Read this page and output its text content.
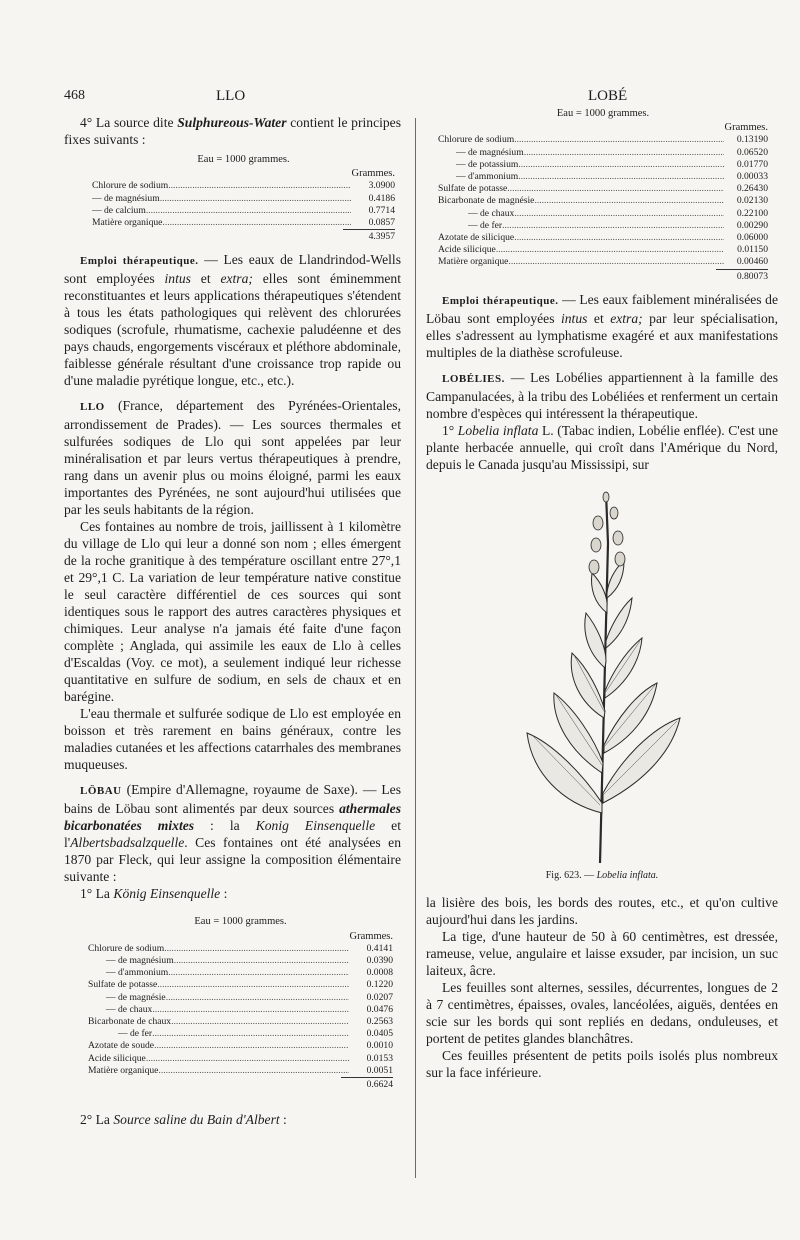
468	LLO	LOBÉ

4° La source dite Sulphureous-Water contient le principes fixes suivants :

Eau = 1000 grammes.
Grammes.
Chlorure de sodium .....	3.0900
— de magnésium .....	0.4186
— de calcium .....	0.7714
Matière organique .....	0.0857
4.3957

Emploi thérapeutique. — Les eaux de Llandrindod-Wells sont employées intus et extra; elles sont éminemment reconstituantes et leurs applications thérapeutiques s'étendent à tous les états pathologiques qui relèvent des chlorurées sodiques (scrofule, rhumatisme, cachexie paludéenne et des pays chauds, engorgements viscéraux et pléthore abdominale, faiblesse générale résultant d'une croissance trop rapide ou d'une maladie pyrétique longue, etc., etc.).

LLO (France, département des Pyrénées-Orientales, arrondissement de Prades). — Les sources thermales et sulfurées sodiques de Llo qui sont appelées par leur minéralisation et par leurs vertus thérapeutiques à prendre, rang dans un avenir plus ou moins éloigné, parmi les eaux importantes des Pyrénées, ne sont aujourd'hui utilisées que par les seuls habitants de la région.

Ces fontaines au nombre de trois, jaillissent à 1 kilomètre du village de Llo qui leur a donné son nom ; elles émergent de la roche granitique à des température oscillant entre 27°,1 et 29°,1 C. La variation de leur température native constitue le seul caractère différentiel de ces sources qui sont identiques sous le rapport des autres caractères physiques et chimiques. Leur analyse n'a jamais été faite d'une façon complète ; Anglada, qui assimile les eaux de Llo à celles d'Escaldas (Voy. ce mot), a seulement indiqué leur richesse quantitative en sulfure de sodium, en sels de chaux et en barégine.

L'eau thermale et sulfurée sodique de Llo est employée en boisson et très rarement en bains généraux, contre les maladies cutanées et les affections catarrhales des membranes muqueuses.

LÖBAU (Empire d'Allemagne, royaume de Saxe). — Les bains de Löbau sont alimentés par deux sources athermales bicarbonatées mixtes : la Konig Einsenquelle et l'Albertsbadsalzquelle. Ces fontaines ont été analysées en 1870 par Fleck, qui leur assigne la composition élémentaire suivante :

1° La König Einsenquelle :

Eau = 1000 grammes.
Grammes.
Chlorure de sodium .....	0.4141
— de magnésium .....	0.0390
— d'ammonium .....	0.0008
Sulfate de potasse .....	0.1220
— de magnésie .....	0.0207
— de chaux .....	0.0476
Bicarbonate de chaux .....	0.2563
— de fer .....	0.0405
Azotate de soude .....	0.0010
Acide silicique .....	0.0153
Matière organique .....	0.0051
0.6624

2° La Source saline du Bain d'Albert :

Eau = 1000 grammes.
Grammes.
Chlorure de sodium .....	0.13190
— de magnésium .....	0.06520
— de potassium .....	0.01770
— d'ammonium .....	0.00033
Sulfate de potasse .....	0.26430
Bicarbonate de magnésie .....	0.02130
— de chaux .....	0.22100
— de fer .....	0.00290
Azotate de silicique .....	0.06000
Acide silicique .....	0.01150
Matière organique .....	0.00460
0.80073

Emploi thérapeutique. — Les eaux faiblement minéralisées de Löbau sont employées intus et extra; par leur spécialisation, elles s'adressent au lymphatisme exagéré et aux manifestations multiples de la diathèse scrofuleuse.

LOBÉLIES. — Les Lobélies appartiennent à la famille des Campanulacées, à la tribu des Lobéliées et renferment un certain nombre d'espèces qui intéressent la thérapeutique.

1° Lobelia inflata L. (Tabac indien, Lobélie enflée). C'est une plante herbacée annuelle, qui croît dans l'Amérique du Nord, depuis le Canada jusqu'au Mississipi, sur

Fig. 623. — Lobelia inflata.

la lisière des bois, les bords des routes, etc., et qu'on cultive aujourd'hui dans les jardins.

La tige, d'une hauteur de 50 à 60 centimètres, est dressée, rameuse, velue, angulaire et laisse exsuder, par incision, un suc laiteux, âcre.

Les feuilles sont alternes, sessiles, décurrentes, longues de 2 à 7 centimètres, épaisses, ovales, lancéolées, aiguës, dentées en scie sur les bords qui sont repliés en dedans, onduleuses, et portent de petites glandes blanchâtres.

Ces feuilles présentent de petits poils isolés plus nombreux sur la face inférieure.
